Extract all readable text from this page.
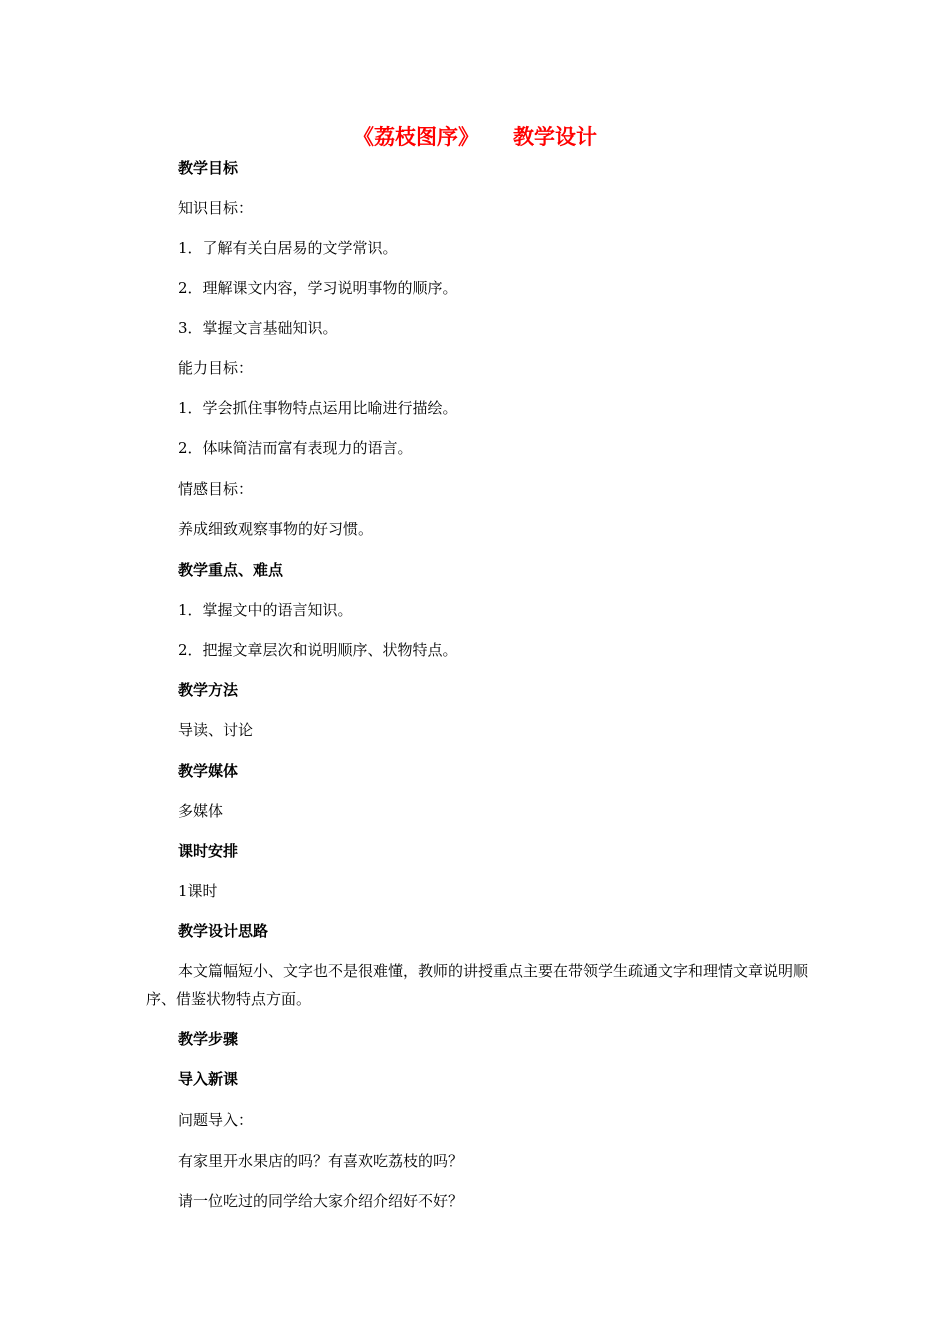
《荔枝图序》 教学设计

教学目标

知识目标：

1．了解有关白居易的文学常识。

2．理解课文内容，学习说明事物的顺序。

3．掌握文言基础知识。

能力目标：

1．学会抓住事物特点运用比喻进行描绘。

2．体味简洁而富有表现力的语言。

情感目标：

养成细致观察事物的好习惯。

教学重点、难点

1．掌握文中的语言知识。

2．把握文章层次和说明顺序、状物特点。

教学方法

导读、讨论

教学媒体

多媒体

课时安排

1课时

教学设计思路

本文篇幅短小、文字也不是很难懂，教师的讲授重点主要在带领学生疏通文字和理情文章说明顺序、借鉴状物特点方面。

教学步骤

导入新课

问题导入：

有家里开水果店的吗？有喜欢吃荔枝的吗？

请一位吃过的同学给大家介绍介绍好不好？
